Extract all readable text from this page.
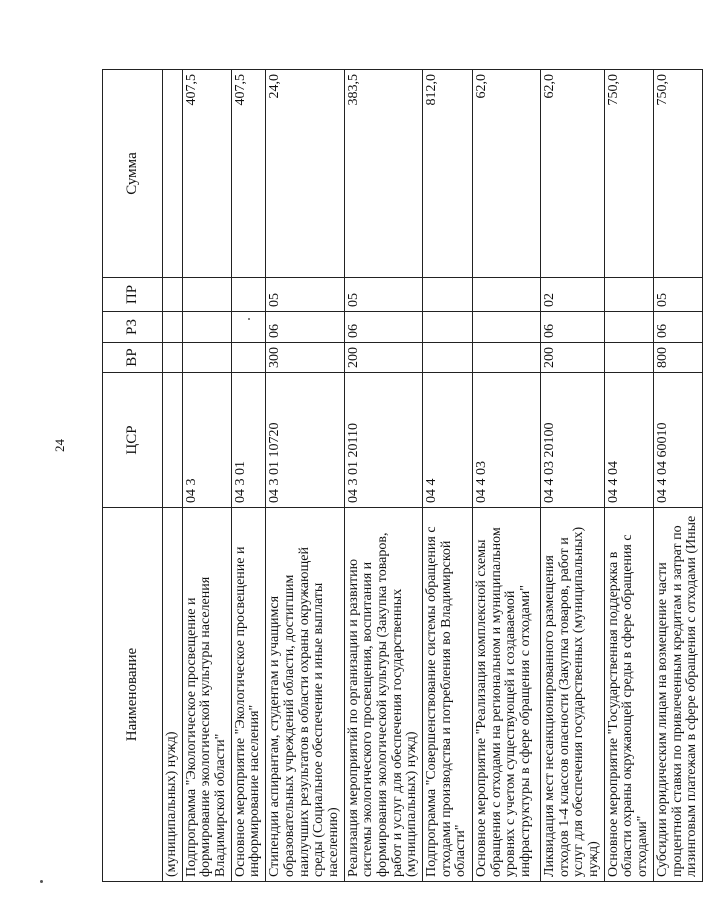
24
Наименование	ЦСР	ВР	РЗ	ПР	Сумма
(муниципальных) нужд)					
Подпрограмма "Экологическое просвещение и формирование экологической культуры населения Владимирской области"	04 3				407,5
Основное мероприятие "Экологическое просвещение и информирование населения"	04 3 01				407,5
Стипендии аспирантам, студентам и учащимся образовательных учреждений области, достигшим наилучших результатов в области охраны окружающей среды (Социальное обеспечение и иные выплаты населению)	04 3 01 10720	300	06	05	24,0
Реализация мероприятий по организации и развитию системы экологического просвещения, воспитания и формирования экологической культуры (Закупка товаров, работ и услуг для обеспечения государственных (муниципальных) нужд)	04 3 01 20110	200	06	05	383,5
Подпрограмма "Совершенствование системы обращения с отходами производства и потребления во Владимирской области"	04 4				812,0
Основное мероприятие "Реализация комплексной схемы обращения с отходами на региональном и муниципальном уровнях с учетом существующей и создаваемой инфраструктуры в сфере обращения с отходами"	04 4 03				62,0
Ликвидация мест несанкционированного размещения отходов 1-4 классов опасности (Закупка товаров, работ и услуг для обеспечения государственных (муниципальных) нужд)	04 4 03 20100	200	06	02	62,0
Основное мероприятие "Государственная поддержка в области охраны окружающей среды в сфере обращения с отходами"	04 4 04				750,0
Субсидии юридическим лицам на возмещение части процентной ставки по привлеченным кредитам и затрат по лизинговым платежам в сфере обращения с отходами (Иные	04 4 04 60010	800	06	05	750,0
